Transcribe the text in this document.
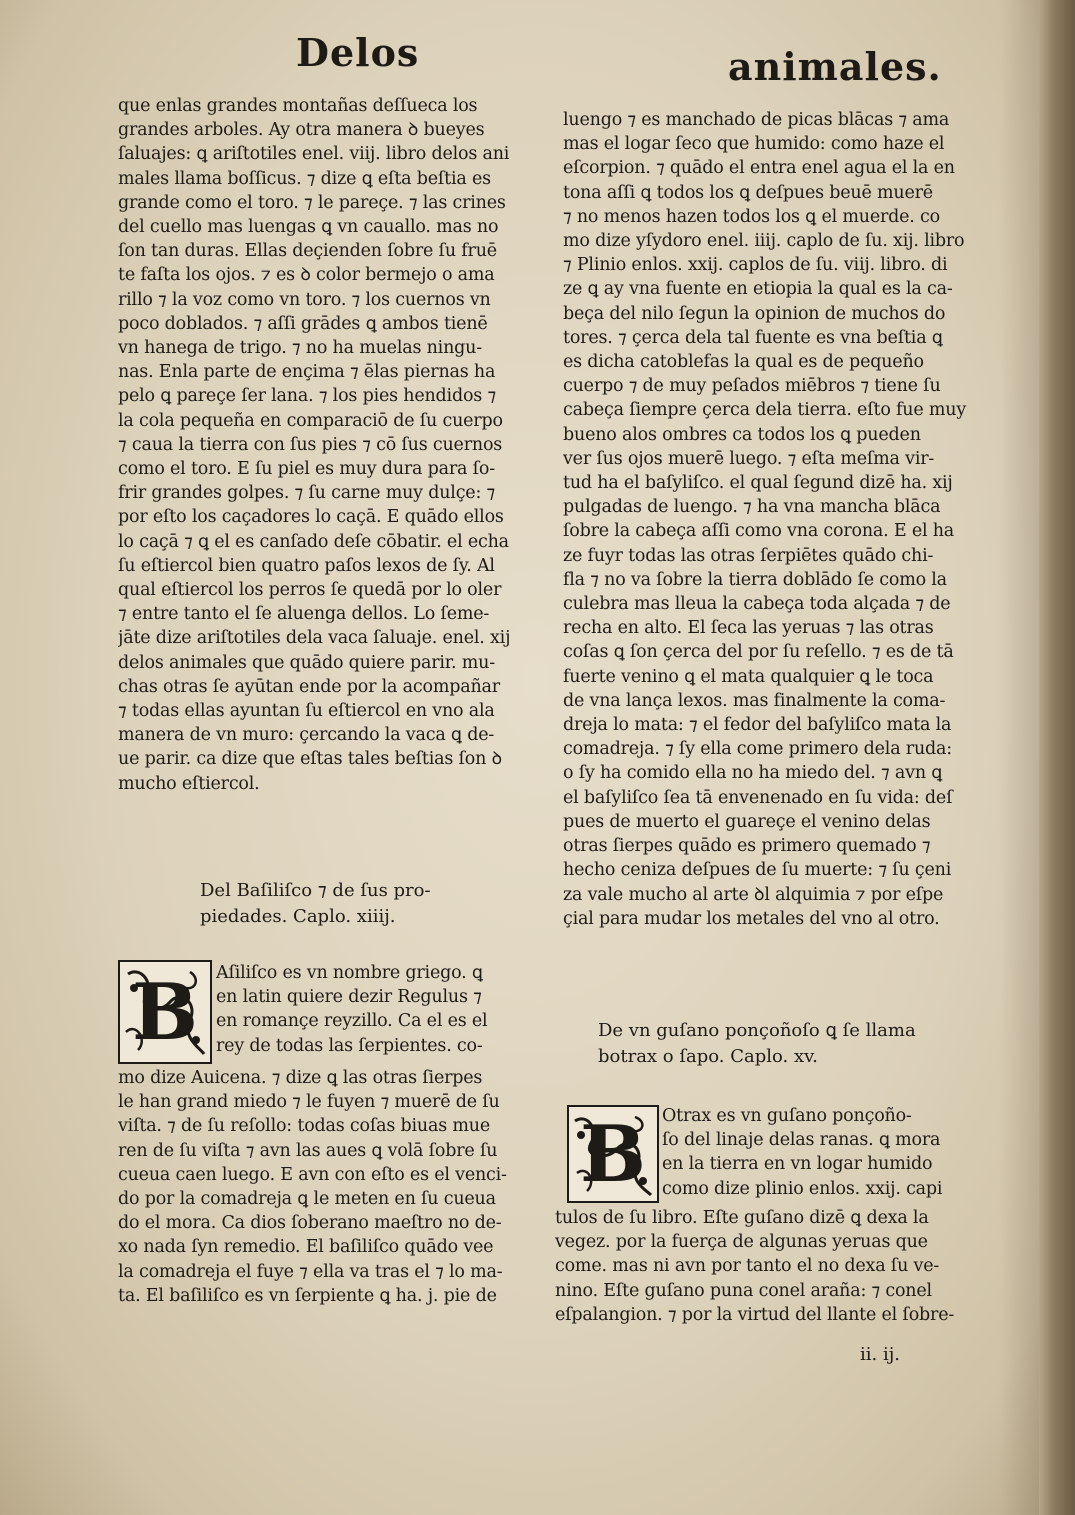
Delos	animales.
que enlas grandes montañas deſſueca los
grandes arboles. Ay otra manera ꝺ bueyes
ſaluajes: ꝗ ariſtotiles enel. viij. libro delos ani
males llama boſſicus. ⁊ dize ꝗ eſta beſtia es
grande como el toro. ⁊ le pareçe. ⁊ las crines
del cuello mas luengas ꝗ vn cauallo. mas no
ſon tan duras. Ellas deçienden ſobre ſu fruē
te faſta los ojos. ⁊ es ꝺ color bermejo o ama
rillo ⁊ la voz como vn toro. ⁊ los cuernos vn
poco doblados. ⁊ aſſi grādes ꝗ ambos tienē
vn hanega de trigo. ⁊ no ha muelas ningu-
nas. Enla parte de ençima ⁊ ēlas piernas ha
pelo ꝗ pareçe ſer lana. ⁊ los pies hendidos ⁊
la cola pequeña en comparaciō de ſu cuerpo
⁊ caua la tierra con ſus pies ⁊ cō ſus cuernos
como el toro. E ſu piel es muy dura para ſo-
frir grandes golpes. ⁊ ſu carne muy dulçe: ⁊
por eſto los caçadores lo caçā. E quādo ellos
lo caçā ⁊ ꝗ el es canſado deſe cōbatir. el echa
ſu eſtiercol bien quatro paſos lexos de ſy. Al
qual eſtiercol los perros ſe quedā por lo oler
⁊ entre tanto el ſe aluenga dellos. Lo ſeme-
jāte dize ariſtotiles dela vaca ſaluaje. enel. xij
delos animales que quādo quiere parir. mu-
chas otras ſe ayūtan ende por la acompañar
⁊ todas ellas ayuntan ſu eſtiercol en vno ala
manera de vn muro: çercando la vaca ꝗ de-
ue parir. ca dize que eſtas tales beſtias ſon ꝺ
mucho eſtiercol.
Del Baſiliſco ⁊ de ſus pro-
piedades. Caplo. xiiij.
B	Aſiliſco es vn nombre griego. ꝗ
en latin quiere dezir Regulus ⁊
en romançe reyzillo. Ca el es el
rey de todas las ſerpientes. co-
mo dize Auicena. ⁊ dize ꝗ las otras ſierpes
le han grand miedo ⁊ le fuyen ⁊ muerē de ſu
viſta. ⁊ de ſu reſollo: todas coſas biuas mue
ren de ſu viſta ⁊ avn las aues ꝗ volā ſobre ſu
cueua caen luego. E avn con eſto es el venci-
do por la comadreja ꝗ le meten en ſu cueua
do el mora. Ca dios ſoberano maeſtro no de-
xo nada ſyn remedio. El baſiliſco quādo vee
la comadreja el fuye ⁊ ella va tras el ⁊ lo ma-
ta. El baſiliſco es vn ſerpiente ꝗ ha. j. pie de
luengo ⁊ es manchado de picas blācas ⁊ ama
mas el logar ſeco que humido: como haze el
eſcorpion. ⁊ quādo el entra enel agua el la en
tona aſſi ꝗ todos los ꝗ deſpues beuē muerē
⁊ no menos hazen todos los ꝗ el muerde. co
mo dize yſydoro enel. iiij. caplo de ſu. xij. libro
⁊ Plinio enlos. xxij. caplos de ſu. viij. libro. di
ze ꝗ ay vna fuente en etiopia la qual es la ca-
beça del nilo ſegun la opinion de muchos do
tores. ⁊ çerca dela tal fuente es vna beſtia ꝗ
es dicha catoblefas la qual es de pequeño
cuerpo ⁊ de muy peſados miēbros ⁊ tiene ſu
cabeça ſiempre çerca dela tierra. eſto fue muy
bueno alos ombres ca todos los ꝗ pueden
ver ſus ojos muerē luego. ⁊ eſta meſma vir-
tud ha el baſyliſco. el qual ſegund dizē ha. xij
pulgadas de luengo. ⁊ ha vna mancha blāca
ſobre la cabeça aſſi como vna corona. E el ha
ze fuyr todas las otras ſerpiētes quādo chi-
fla ⁊ no va ſobre la tierra doblādo ſe como la
culebra mas lleua la cabeça toda alçada ⁊ de
recha en alto. El ſeca las yeruas ⁊ las otras
coſas ꝗ ſon çerca del por ſu reſello. ⁊ es de tā
fuerte venino ꝗ el mata qualquier ꝗ le toca
de vna lança lexos. mas finalmente la coma-
dreja lo mata: ⁊ el fedor del baſyliſco mata la
comadreja. ⁊ ſy ella come primero dela ruda:
o ſy ha comido ella no ha miedo del. ⁊ avn ꝗ
el baſyliſco ſea tā envenenado en ſu vida: deſ
pues de muerto el guareçe el venino delas
otras ſierpes quādo es primero quemado ⁊
hecho ceniza deſpues de ſu muerte: ⁊ ſu çeni
za vale mucho al arte ꝺl alquimia ⁊ por eſpe
çial para mudar los metales del vno al otro.
De vn guſano ponçoñoſo ꝗ ſe llama
botrax o ſapo. Caplo. xv.
B Otrax es vn guſano ponçoño-
ſo del linaje delas ranas. ꝗ mora
en la tierra en vn logar humido
como dize plinio enlos. xxij. capi
tulos de ſu libro. Eſte guſano dizē ꝗ dexa la
vegez. por la fuerça de algunas yeruas que
come. mas ni avn por tanto el no dexa ſu ve-
nino. Eſte guſano puna conel araña: ⁊ conel
eſpalangion. ⁊ por la virtud del llante el ſobre-
ii. ij.
